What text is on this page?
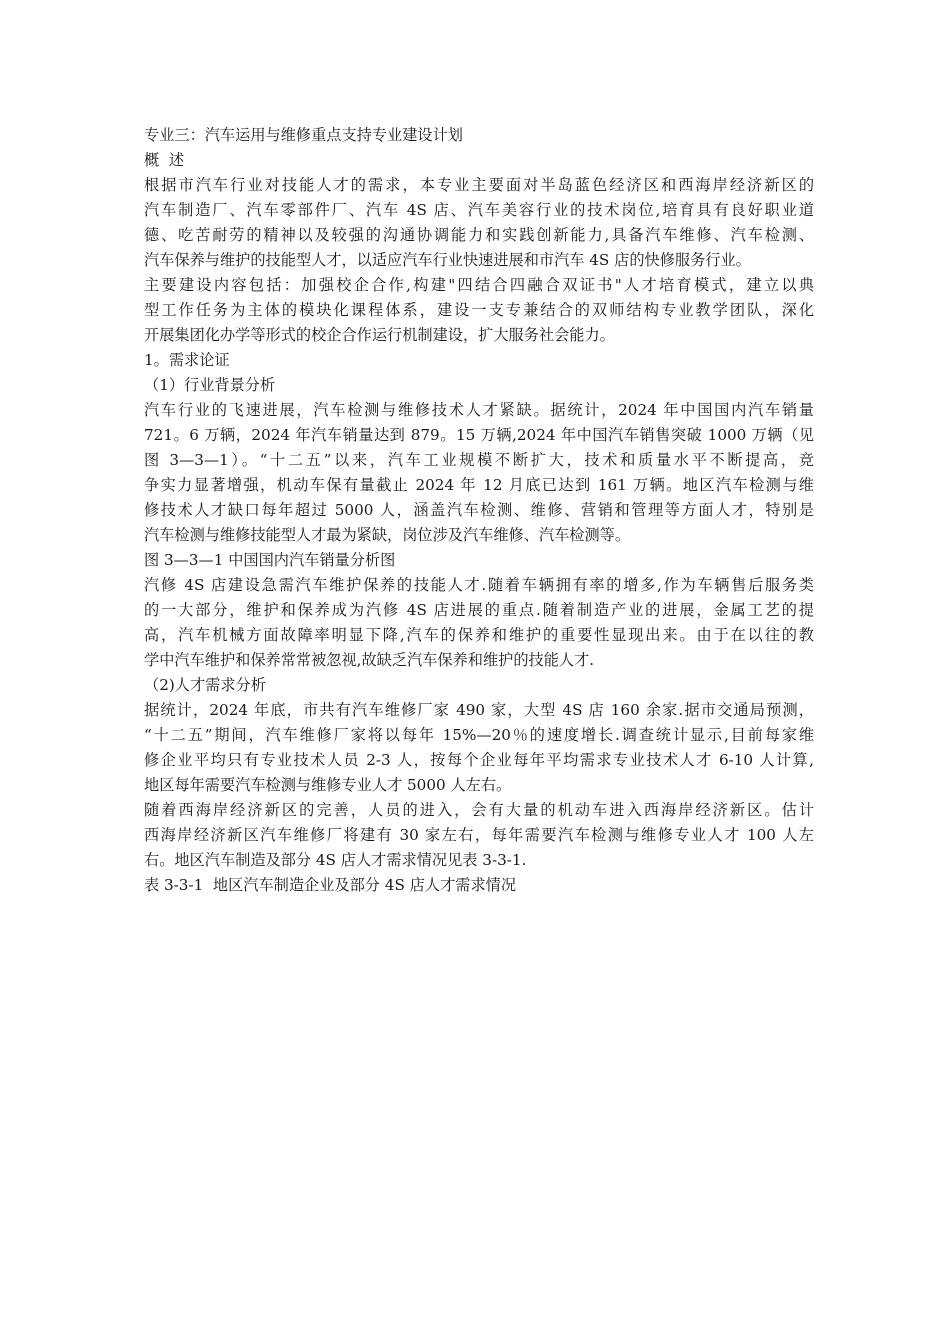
专业三：汽车运用与维修重点支持专业建设计划
概  述
根据市汽车行业对技能人才的需求，本专业主要面对半岛蓝色经济区和西海岸经济新区的
汽车制造厂、汽车零部件厂、汽车 4S 店、汽车美容行业的技术岗位,培育具有良好职业道
德、吃苦耐劳的精神以及较强的沟通协调能力和实践创新能力,具备汽车维修、汽车检测、
汽车保养与维护的技能型人才，以适应汽车行业快速进展和市汽车 4S 店的快修服务行业。
主要建设内容包括：加强校企合作,构建"四结合四融合双证书"人才培育模式，建立以典
型工作任务为主体的模块化课程体系，建设一支专兼结合的双师结构专业教学团队，深化
开展集团化办学等形式的校企合作运行机制建设，扩大服务社会能力。
1。需求论证
（1）行业背景分析
汽车行业的飞速进展，汽车检测与维修技术人才紧缺。据统计，2024 年中国国内汽车销量
721。6 万辆，2024 年汽车销量达到 879。15 万辆,2024 年中国汽车销售突破 1000 万辆（见
图 3—3—1）。“十二五”以来，汽车工业规模不断扩大，技术和质量水平不断提高，竞
争实力显著增强，机动车保有量截止 2024 年 12 月底已达到 161 万辆。地区汽车检测与维
修技术人才缺口每年超过 5000 人，涵盖汽车检测、维修、营销和管理等方面人才，特别是
汽车检测与维修技能型人才最为紧缺，岗位涉及汽车维修、汽车检测等。
图 3—3—1 中国国内汽车销量分析图
汽修 4S 店建设急需汽车维护保养的技能人才.随着车辆拥有率的增多,作为车辆售后服务类
的一大部分，维护和保养成为汽修 4S 店进展的重点.随着制造产业的进展，金属工艺的提
高，汽车机械方面故障率明显下降,汽车的保养和维护的重要性显现出来。由于在以往的教
学中汽车维护和保养常常被忽视,故缺乏汽车保养和维护的技能人才.
（2)人才需求分析
据统计，2024 年底，市共有汽车维修厂家 490 家，大型 4S 店 160 余家.据市交通局预测，
“十二五”期间，汽车维修厂家将以每年 15%—20％的速度增长.调查统计显示,目前每家维
修企业平均只有专业技术人员 2-3 人，按每个企业每年平均需求专业技术人才 6-10 人计算,
地区每年需要汽车检测与维修专业人才 5000 人左右。
随着西海岸经济新区的完善，人员的进入，会有大量的机动车进入西海岸经济新区。估计
西海岸经济新区汽车维修厂将建有 30 家左右，每年需要汽车检测与维修专业人才 100 人左
右。地区汽车制造及部分 4S 店人才需求情况见表 3-3-1.
表 3-3-1  地区汽车制造企业及部分 4S 店人才需求情况
